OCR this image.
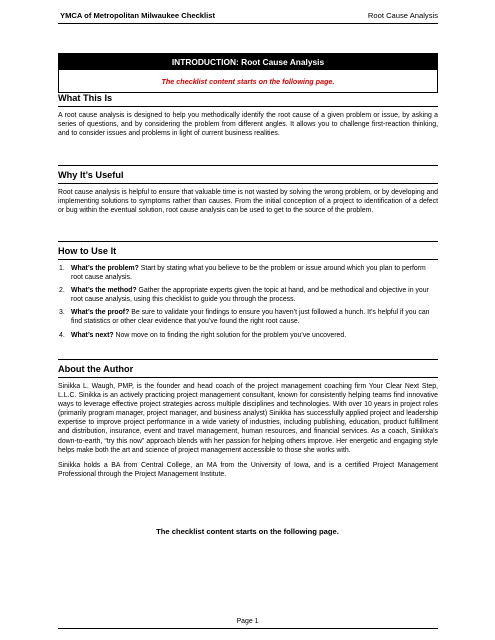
YMCA of Metropolitan Milwaukee Checklist	Root Cause Analysis
INTRODUCTION: Root Cause Analysis
The checklist content starts on the following page.
What This Is

A root cause analysis is designed to help you methodically identify the root cause of a given problem or issue, by asking a series of questions, and by considering the problem from different angles. It allows you to challenge first-reaction thinking, and to consider issues and problems in light of current business realities.

Why It’s Useful

Root cause analysis is helpful to ensure that valuable time is not wasted by solving the wrong problem, or by developing and implementing solutions to symptoms rather than causes. From the initial conception of a project to identification of a defect or bug within the eventual solution, root cause analysis can be used to get to the source of the problem.

How to Use It
1. What’s the problem? Start by stating what you believe to be the problem or issue around which you plan to perform root cause analysis.
2. What’s the method? Gather the appropriate experts given the topic at hand, and be methodical and objective in your root cause analysis, using this checklist to guide you through the process.
3. What’s the proof? Be sure to validate your findings to ensure you haven’t just followed a hunch. It’s helpful if you can find statistics or other clear evidence that you’ve found the right root cause.
4. What’s next? Now move on to finding the right solution for the problem you’ve uncovered.
About the Author

Sinikka L. Waugh, PMP, is the founder and head coach of the project management coaching firm Your Clear Next Step, L.L.C. Sinikka is an actively practicing project management consultant, known for consistently helping teams find innovative ways to leverage effective project strategies across multiple disciplines and technologies. With over 10 years in project roles (primarily program manager, project manager, and business analyst) Sinikka has successfully applied project and leadership expertise to improve project performance in a wide variety of industries, including publishing, education, product fulfillment and distribution, insurance, event and travel management, human resources, and financial services. As a coach, Sinikka’s down-to-earth, “try this now” approach blends with her passion for helping others improve. Her energetic and engaging style helps make both the art and science of project management accessible to those she works with.

Sinikka holds a BA from Central College, an MA from the University of Iowa, and is a certified Project Management Professional through the Project Management Institute.

The checklist content starts on the following page.
Page 1
